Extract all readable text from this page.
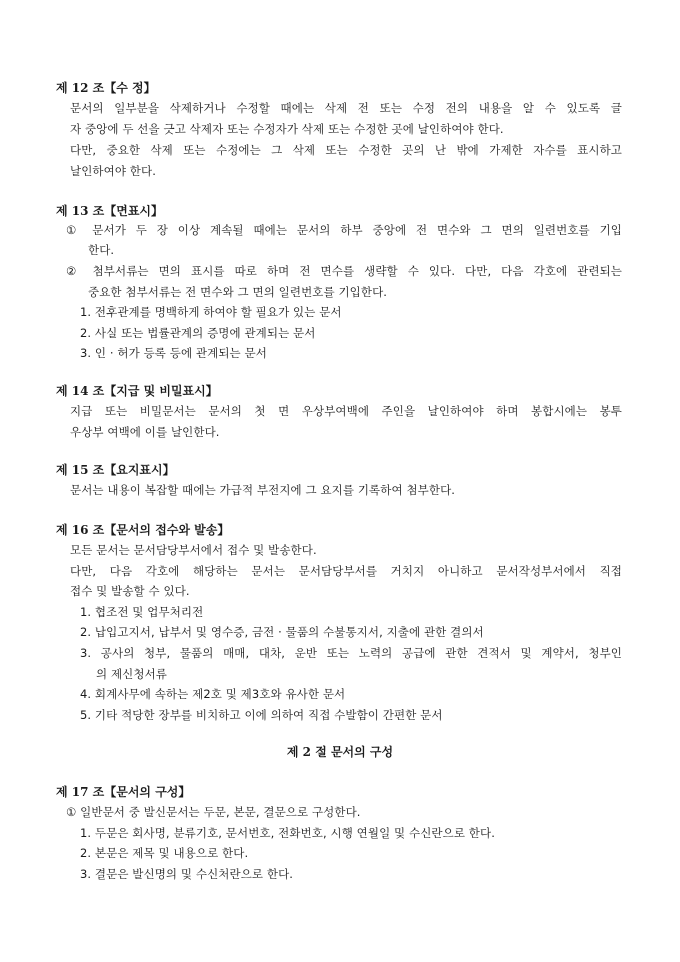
제 12 조【수 정】
문서의 일부분을 삭제하거나 수정할 때에는 삭제 전 또는 수정 전의 내용을 알 수 있도록 글
자 중앙에 두 선을 긋고 삭제자 또는 수정자가 삭제 또는 수정한 곳에 날인하여야 한다.
다만, 중요한 삭제 또는 수정에는 그 삭제 또는 수정한 곳의 난 밖에 가제한 자수를 표시하고
날인하여야 한다.
제 13 조【면표시】
① 문서가 두 장 이상 계속될 때에는 문서의 하부 중앙에 전 면수와 그 면의 일련번호를 기입
한다.
② 첨부서류는 면의 표시를 따로 하며 전 면수를 생략할 수 있다. 다만, 다음 각호에 관련되는
중요한 첨부서류는 전 면수와 그 면의 일련번호를 기입한다.
1. 전후관계를 명백하게 하여야 할 필요가 있는 문서
2. 사실 또는 법률관계의 증명에 관계되는 문서
3. 인 · 허가 등록 등에 관계되는 문서
제 14 조【지급 및 비밀표시】
지급 또는 비밀문서는 문서의 첫 면 우상부여백에 주인을 날인하여야 하며 봉합시에는 봉투
우상부 여백에 이를 날인한다.
제 15 조【요지표시】
문서는 내용이 복잡할 때에는 가급적 부전지에 그 요지를 기록하여 첨부한다.
제 16 조【문서의 접수와 발송】
모든 문서는 문서담당부서에서 접수 및 발송한다.
다만, 다음 각호에 해당하는 문서는 문서담당부서를 거치지 아니하고 문서작성부서에서 직접
접수 및 발송할 수 있다.
1. 협조전 및 업무처리전
2. 납입고지서, 납부서 및 영수증, 금전 · 물품의 수불통지서, 지출에 관한 결의서
3. 공사의 청부, 물품의 매매, 대차, 운반 또는 노력의 공급에 관한 견적서 및 계약서, 청부인
의 제신청서류
4. 회계사무에 속하는 제2호 및 제3호와 유사한 문서
5. 기타 적당한 장부를 비치하고 이에 의하여 직접 수발함이 간편한 문서
제 2 절 문서의 구성
제 17 조【문서의 구성】
① 일반문서 중 발신문서는 두문, 본문, 결문으로 구성한다.
1. 두문은 회사명, 분류기호, 문서번호, 전화번호, 시행 연월일 및 수신란으로 한다.
2. 본문은 제목 및 내용으로 한다.
3. 결문은 발신명의 및 수신처란으로 한다.
